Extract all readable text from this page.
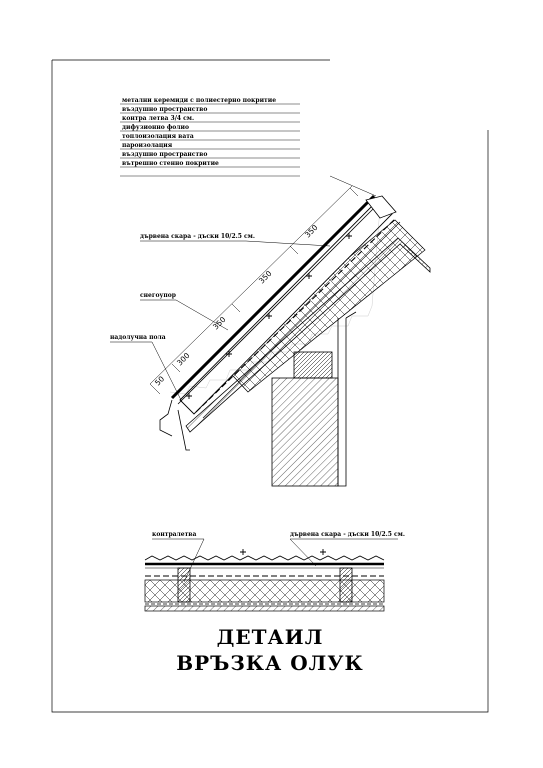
метални керемиди с полиестерно покритие
въздушно пространство
контра летва 3/4 см.
дифузионно фолио
топлоизолация вата
пароизолация
въздушно пространство
вътрешно стенно покритие
50
300
350
350
350
дървена скара - дъски 10/2.5 см.
снегоупор
надолучна пола
контралетва	дървена скара - дъски 10/2.5 см.
ДЕТАИЛ
ВРЪЗКА ОЛУК
